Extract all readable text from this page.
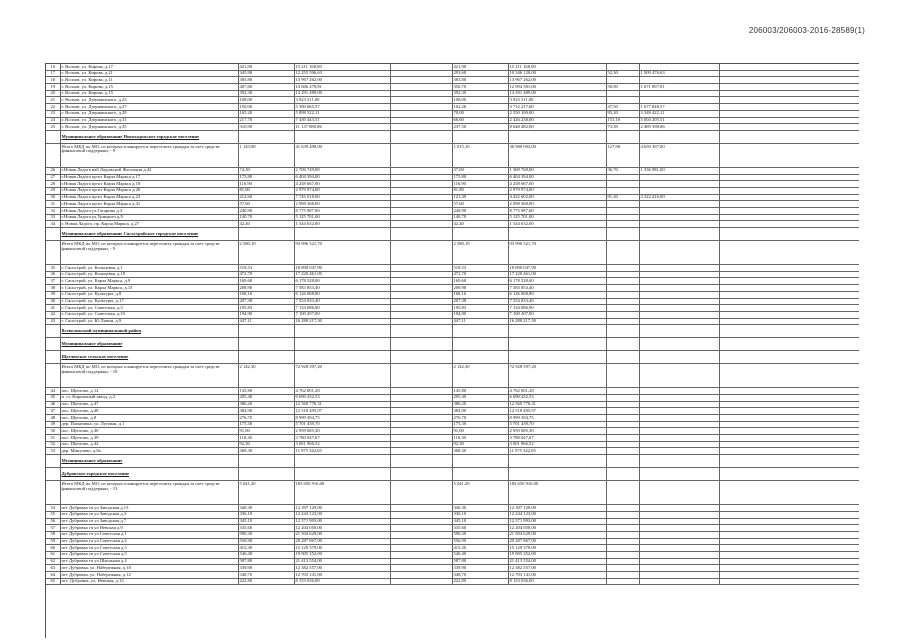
206003/206003-2016-28589(1)
16	г. Волхов, ул. Кирова, д.17	421,90	15 211 168,00		421,90	15 211 168,00			
17	г. Волхов, ул. Кирова, д.21	345,90	12 255 596,63		293,60	10 346 120,00	52,30	1 909 476,63	
18	г. Волхов, ул. Кирова, д.11	383,80	13 967 262,00		383,80	13 967 262,00			
19	г. Волхов, ул. Кирова, д.15	407,60	14 666 478,81		356,70	12 994 581,00	50,90	1 671 897,81	
20	г. Волхов, ул. Кирова, д.15	392,30	14 291 489,00		392,30	14 291 489,00			
21	г. Волхов, ул. Дзержинского, д.23	108,00	3 923 511,00		108,00	3 923 511,00			
22	г. Волхов, ул. Дзержинского, д.27	150,00	5 390 065,57		102,26	3 712 217,00	47,50	1 677 848,57	
23	г. Волхов, ул. Дзержинского, д.29	165,20	5 898 522,11		70,00	2 550 100,00	95,20	3 348 422,11	
24	г. Волхов, ул. Дзержинского, д.31	217,70	7 430 443,51		66,60	2 426 238,00	151,10	5 004 205,51	
25	г. Волхов, ул. Дзержинского, д.35	310,90	11 137 880,86		237,50	8 648 482,00	73,39	2 489 398,86	
	Муниципальное образование Новоладожское городское поселение								
	Итого МКД по МО, из которых планируется переселить граждан за счет средств финансовой поддержки, - 9	1 143,90	41 639 498,00		1 015,10	36 980 093,00	127,90	4 659 397,00	
26	г.Новая Ладога наб.Ладожской Флотилии д.42	74,30	2 706 749,00		37,60	1 369 768,00	36,70	1 336 981,00	
27	г.Новая Ладога пр-кт Карла Маркса д.17	175,80	6 404 394,00		175,80	6 404 394,00			
28	г.Новая Ладога пр-кт Карла Маркса д.18	116,90	4 258 667,00		116,90	4 258 667,00			
29	г.Новая Ладога пр-кт Карла Маркса д.20	81,80	2 979 974,00		81,80	2 979 974,00			
30	г.Новая Ладога пр-кт Карла Маркса д.23	212,60	7 745 018,00		121,49	4 422 602,00	91,20	3 322 416,00	
31	г.Новая Ладога пр-кт Карла Маркса д.41	57,60	2 098 368,00		57,60	2 098 368,00			
32	г.Новая Ладога ул.Гагарина д.3	240,90	8 775 987,00		240,90	8 775 987,00			
33	г.Новая Ладога ул.Урицкого д.9	140,70	5 125 701,00		140,70	5 125 701,00			
34	г. Новая Ладога, пр. Карла Маркса, д.27	42,40	1 544 632,00		42,40	1 544 632,00			
	Муниципальное образование Сясьстройское городское поселение								
	Итого МКД по МО, из которых планируется переселить граждан за счет средств финансовой поддержки, - 9	2 580,19	93 996 321,70		2 580,19	93 996 321,70			
35	г. Сясьстрой, ул. Кольцевая, д.1	518,53	18 890 047,90		518,53	18 890 047,90			
36	г. Сясьстрой, ул. Кольцевая, д.18	472,70	17 220 461,00		472,70	17 220 461,00			
37	г. Сясьстрой, ул. Карла Маркса, д.9	169,60	6 178 528,00		169,60	6 178 528,00			
38	г. Сясьстрой, ул. Карла Маркса, д.15	208,98	7 583 853,40		208,98	7 583 853,40			
39	г. Сясьстрой, ул. Культуры, д.8	168,16	6 126 068,80		168,16	6 126 068,80			
40	г. Сясьстрой, ул. Культуры, д.17	207,38	7 554 833,40		207,38	7 554 833,40			
41	г. Сясьстрой, ул. Советская, д.3	195,83	7 134 086,90		195,83	7 134 086,90			
42	г. Сясьстрой, ул. Советская, д.10	194,90	7 100 207,00		194,90	7 100 207,00			
43	г. Сясьстрой, ул. Ю.Ляпин, д.9	447,11	16 288 217,30		447,11	16 288 217,30			
	Всеволожский муниципальный район								
	Муниципальное образование								
	Щегловское сельское поселение								
	Итого МКД по МО, из которых планируется переселить граждан за счет средств финансовой поддержки, - 10	2 142,30	72 928 597,20		2 142,30	72 928 597,20			
44	пос. Щеглово, д.12	145,80	4 762 001,28		145,80	4 762 001,28			
45	п. ст. Кирпичный завод, д.2	205,40	6 690 432,53		205,40	6 690 432,53			
46	пос. Щеглово, д.47	386,20	12 560 776,31		386,20	12 560 776,31			
47	пос. Щеглово, д.48	384,90	12 518 495,97		384,90	12 518 495,97			
48	пос. Щеглово, д.8	276,70	8 999 394,75		276,70	8 999 394,75			
49	дер. Плинтовка, ул. Луговая, д.1	175,30	5 701 439,70		175,30	5 701 439,70			
50	пос. Щеглово, д.30	91,00	2 959 685,30		91,00	2 959 685,30			
51	пос. Щеглово, д.39	116,30	3 780 047,67		116,30	3 780 047,67			
52	пос. Щеглово, д.42	92,30	3 001 966,52		92,30	3 001 966,52			
53	дер. Минулово, д.8а	368,30	11 975 342,05		368,30	11 975 342,05			
	Муниципальное образование								
	Дубровское городское поселение								
	Итого МКД по МО, из которых планируется переселить граждан за счет средств финансовой поддержки, - 13	5 041,20	183 650 916,00		5 041,20	183 650 916,00			
54	пгт Дубровка гп ул Заводская д.13	340,30	12 397 129,00		340,30	12 397 129,00			
55	пгт Дубровка гп ул Заводская д.3	336,10	12 244 123,00		336,10	12 244 123,00			
56	пгт Дубровка гп ул Заводская д.7	345,10	12 571 993,00		345,10	12 571 993,00			
57	пгт Дубровка гп ул Невская д.9	335,60	12 204 050,00		335,60	12 204 050,00			
58	пгт Дубровка гп ул Советская д.1	590,30	21 504 629,00		590,30	21 504 629,00			
59	пгт Дубровка гп ул Советская д.2	556,90	20 287 867,00		556,90	20 287 867,00			
60	пгт Дубровка гп ул Советская д.3	415,30	15 129 379,00		415,30	15 129 379,00			
61	пгт Дубровка гп ул Советская д.5	546,40	19 905 352,00		546,40	19 905 352,00			
62	пгт Дубровка гп ул Школьная д.4	587,80	21 413 554,00		587,80	21 413 554,00			
63	пгт Дубровка, ул. Набережная, д.18	339,90	12 382 557,00		339,90	12 382 557,00			
64	пгт Дубровка, ул. Набережная, д.12	348,70	12 703 141,00		348,70	12 703 141,00			
65	пгт. Дубровка, ул. Невская, д.13	222,80	8 153 036,00		222,80	8 153 036,00			
